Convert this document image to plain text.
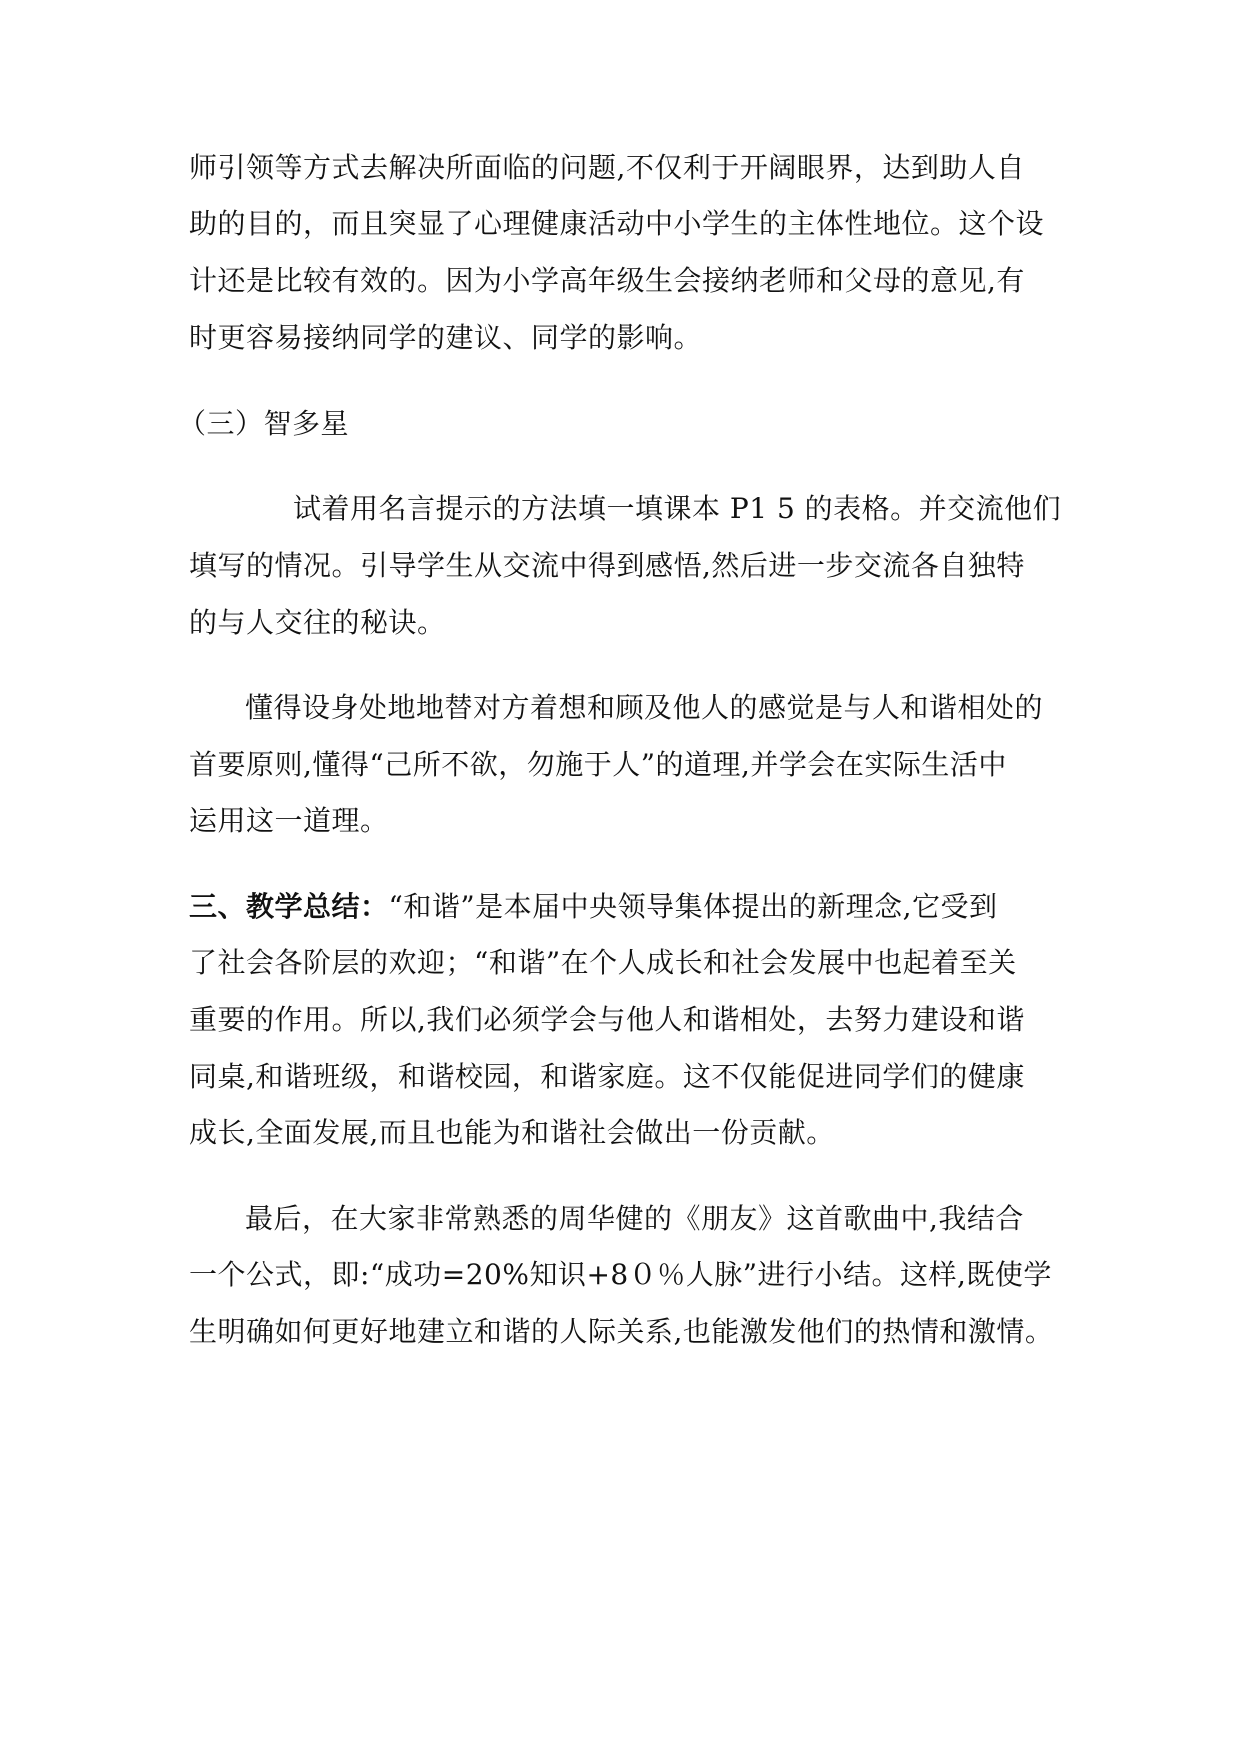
师引领等方式去解决所面临的问题,不仅利于开阔眼界，达到助人自
助的目的，而且突显了心理健康活动中小学生的主体性地位。这个设
计还是比较有效的。因为小学高年级生会接纳老师和父母的意见,有
时更容易接纳同学的建议、同学的影响。
（三）智多星
试着用名言提示的方法填一填课本 P1 5 的表格。并交流他们
填写的情况。引导学生从交流中得到感悟,然后进一步交流各自独特
的与人交往的秘诀。
懂得设身处地地替对方着想和顾及他人的感觉是与人和谐相处的
首要原则,懂得“己所不欲，勿施于人”的道理,并学会在实际生活中
运用这一道理。
三、教学总结：“和谐”是本届中央领导集体提出的新理念,它受到
了社会各阶层的欢迎；“和谐”在个人成长和社会发展中也起着至关
重要的作用。所以,我们必须学会与他人和谐相处，去努力建设和谐
同桌,和谐班级，和谐校园，和谐家庭。这不仅能促进同学们的健康
成长,全面发展,而且也能为和谐社会做出一份贡献。
最后，在大家非常熟悉的周华健的《朋友》这首歌曲中,我结合
一个公式，即:“成功=20%知识+8０％人脉”进行小结。这样,既使学
生明确如何更好地建立和谐的人际关系,也能激发他们的热情和激情。
